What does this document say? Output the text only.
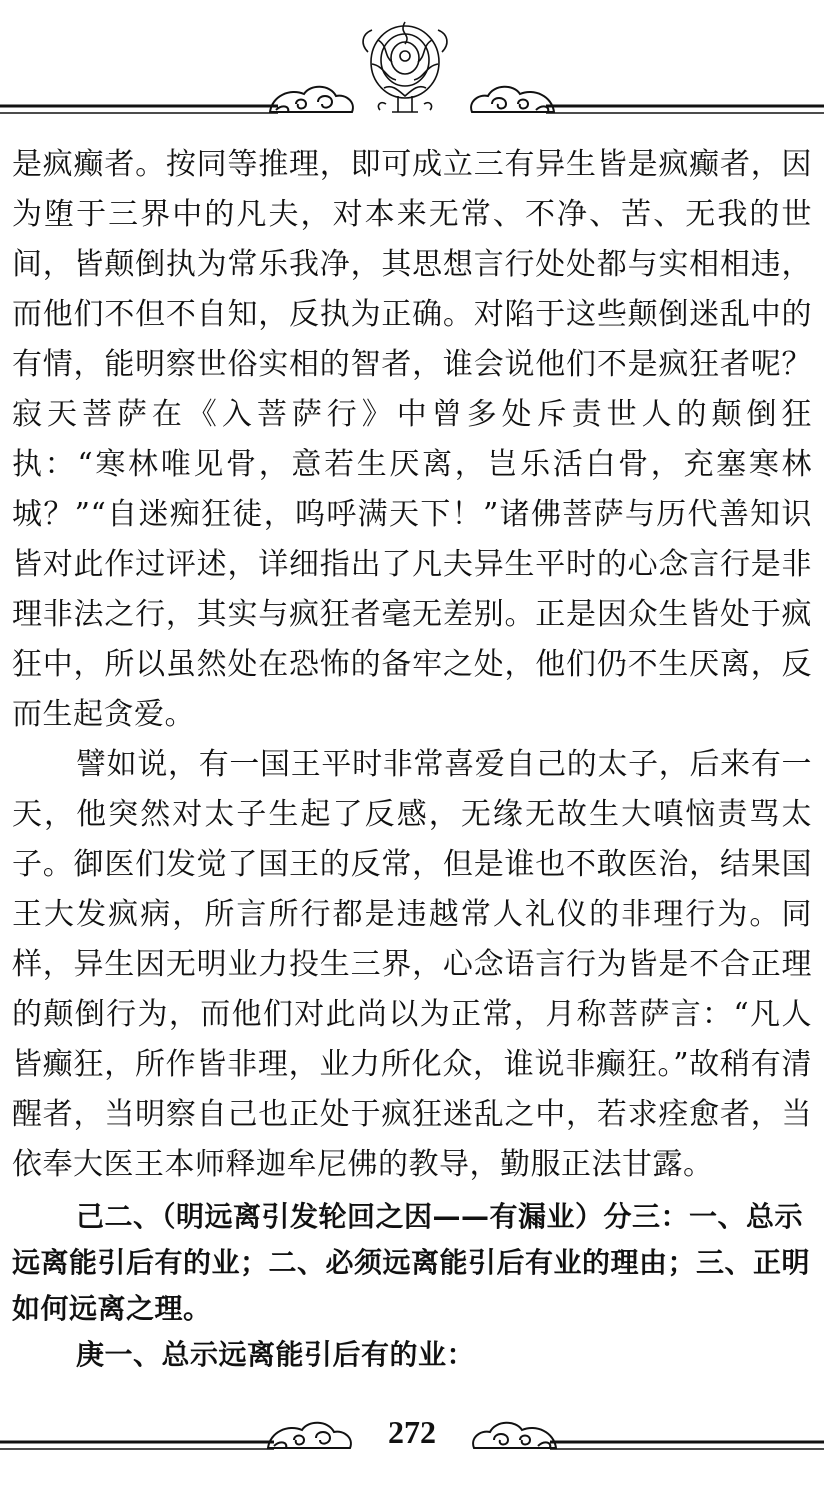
是疯癫者。按同等推理，即可成立三有异生皆是疯癫者，因为堕于三界中的凡夫，对本来无常、不净、苦、无我的世间，皆颠倒执为常乐我净，其思想言行处处都与实相相违，而他们不但不自知，反执为正确。对陷于这些颠倒迷乱中的有情，能明察世俗实相的智者，谁会说他们不是疯狂者呢？寂天菩萨在《入菩萨行》中曾多处斥责世人的颠倒狂执：“寒林唯见骨，意若生厌离，岂乐活白骨，充塞寒林城？”“自迷痴狂徒，呜呼满天下！”诸佛菩萨与历代善知识皆对此作过评述，详细指出了凡夫异生平时的心念言行是非理非法之行，其实与疯狂者毫无差别。正是因众生皆处于疯狂中，所以虽然处在恐怖的备牢之处，他们仍不生厌离，反而生起贪爱。

譬如说，有一国王平时非常喜爱自己的太子，后来有一天，他突然对太子生起了反感，无缘无故生大嗔恼责骂太子。御医们发觉了国王的反常，但是谁也不敢医治，结果国王大发疯病，所言所行都是违越常人礼仪的非理行为。同样，异生因无明业力投生三界，心念语言行为皆是不合正理的颠倒行为，而他们对此尚以为正常，月称菩萨言：“凡人皆癫狂，所作皆非理，业力所化众，谁说非癫狂。”故稍有清醒者，当明察自己也正处于疯狂迷乱之中，若求痊愈者，当依奉大医王本师释迦牟尼佛的教导，勤服正法甘露。

己二、（明远离引发轮回之因——有漏业）分三：一、总示远离能引后有的业；二、必须远离能引后有业的理由；三、正明如何远离之理。

庚一、总示远离能引后有的业：

272
